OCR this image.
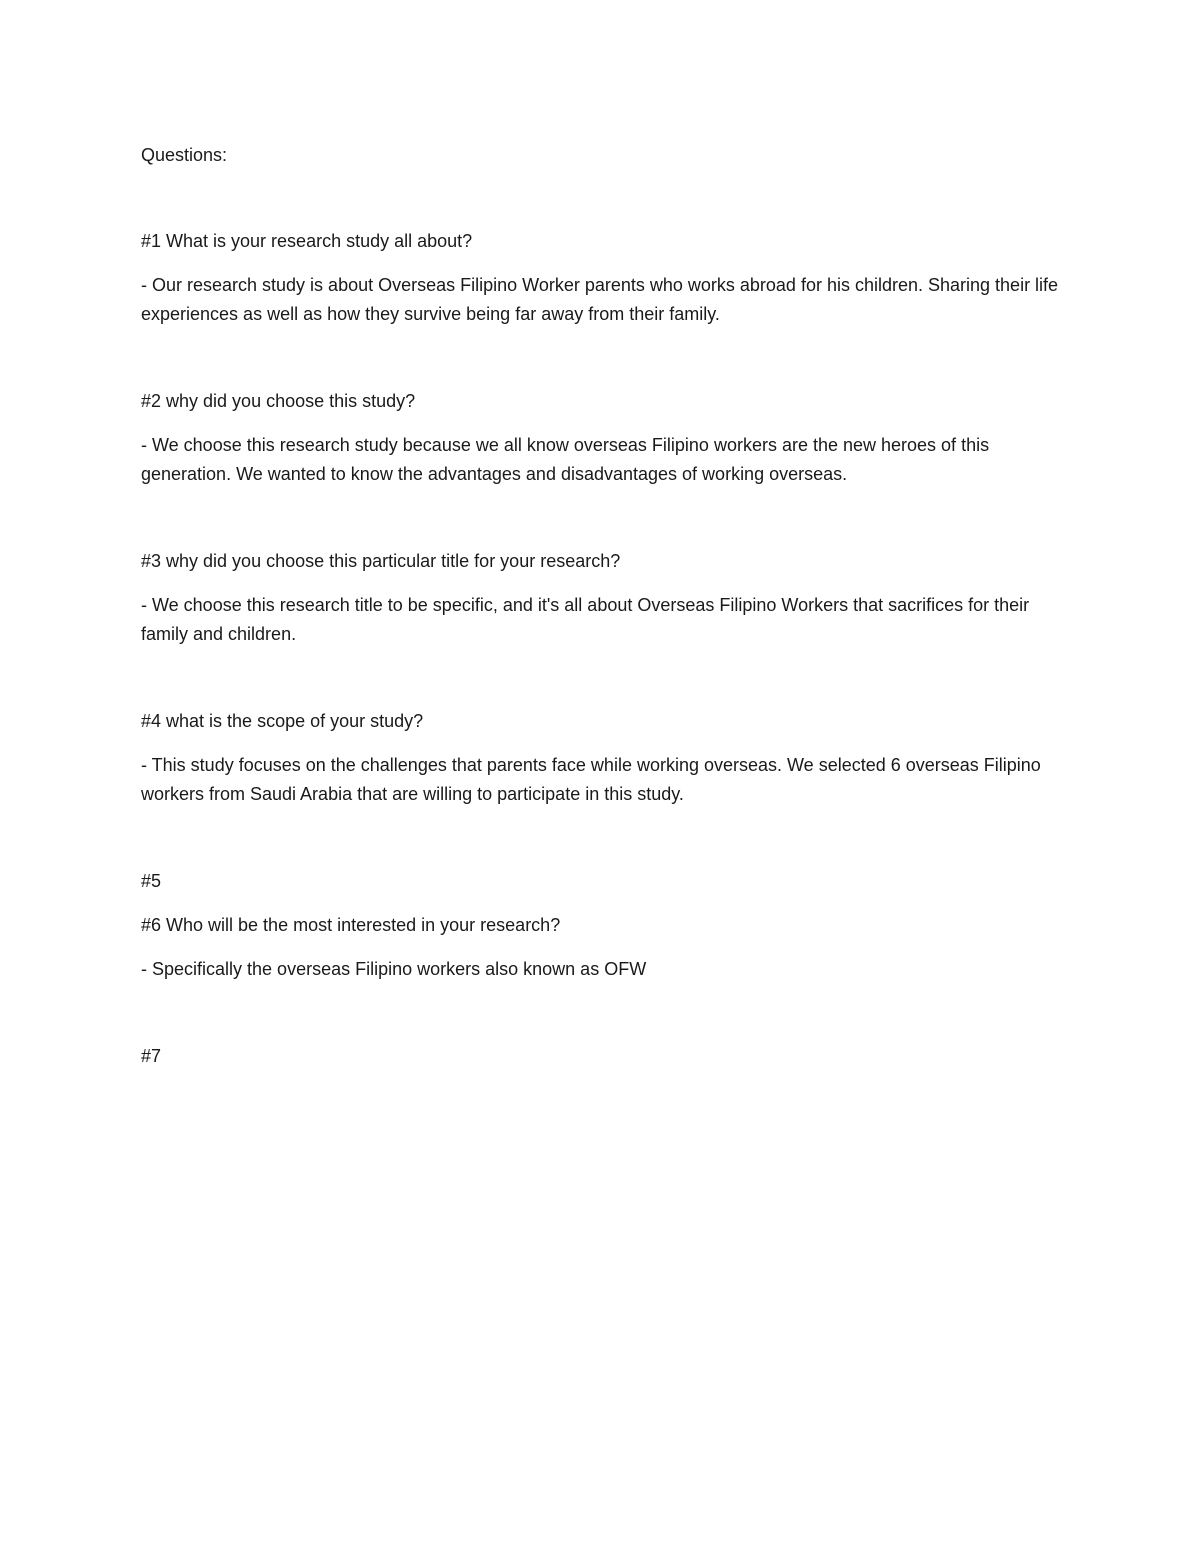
Questions:

#1 What is your research study all about?

- Our research study is about Overseas Filipino Worker parents who works abroad for his children. Sharing their life experiences as well as how they survive being far away from their family.

#2 why did you choose this study?

- We choose this research study because we all know overseas Filipino workers are the new heroes of this generation. We wanted to know the advantages and disadvantages of working overseas.

#3 why did you choose this particular title for your research?

- We choose this research title to be specific, and it's all about Overseas Filipino Workers that sacrifices for their family and children.

#4 what is the scope of your study?

- This study focuses on the challenges that parents face while working overseas. We selected 6 overseas Filipino workers from Saudi Arabia that are willing to participate in this study.

#5

#6 Who will be the most interested in your research?

- Specifically the overseas Filipino workers also known as OFW

#7
